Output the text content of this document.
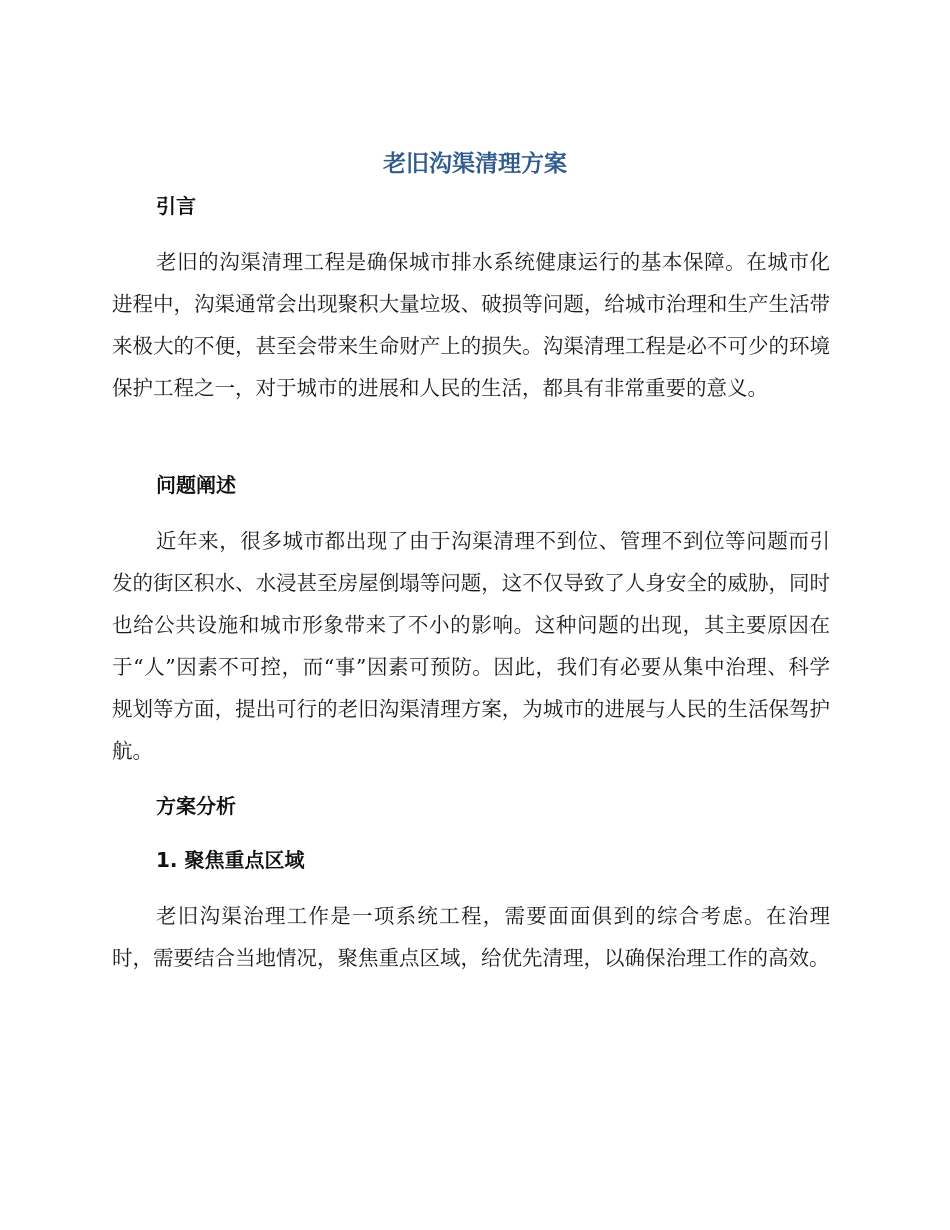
老旧沟渠清理方案
引言

老旧的沟渠清理工程是确保城市排水系统健康运行的基本保障。在城市化进程中，沟渠通常会出现聚积大量垃圾、破损等问题，给城市治理和生产生活带来极大的不便，甚至会带来生命财产上的损失。沟渠清理工程是必不可少的环境保护工程之一，对于城市的进展和人民的生活，都具有非常重要的意义。

问题阐述

近年来，很多城市都出现了由于沟渠清理不到位、管理不到位等问题而引发的街区积水、水浸甚至房屋倒塌等问题，这不仅导致了人身安全的威胁，同时也给公共设施和城市形象带来了不小的影响。这种问题的出现，其主要原因在于“人”因素不可控，而“事”因素可预防。因此，我们有必要从集中治理、科学规划等方面，提出可行的老旧沟渠清理方案，为城市的进展与人民的生活保驾护航。

方案分析
1. 聚焦重点区域

老旧沟渠治理工作是一项系统工程，需要面面俱到的综合考虑。在治理时，需要结合当地情况，聚焦重点区域，给优先清理，以确保治理工作的高效。
